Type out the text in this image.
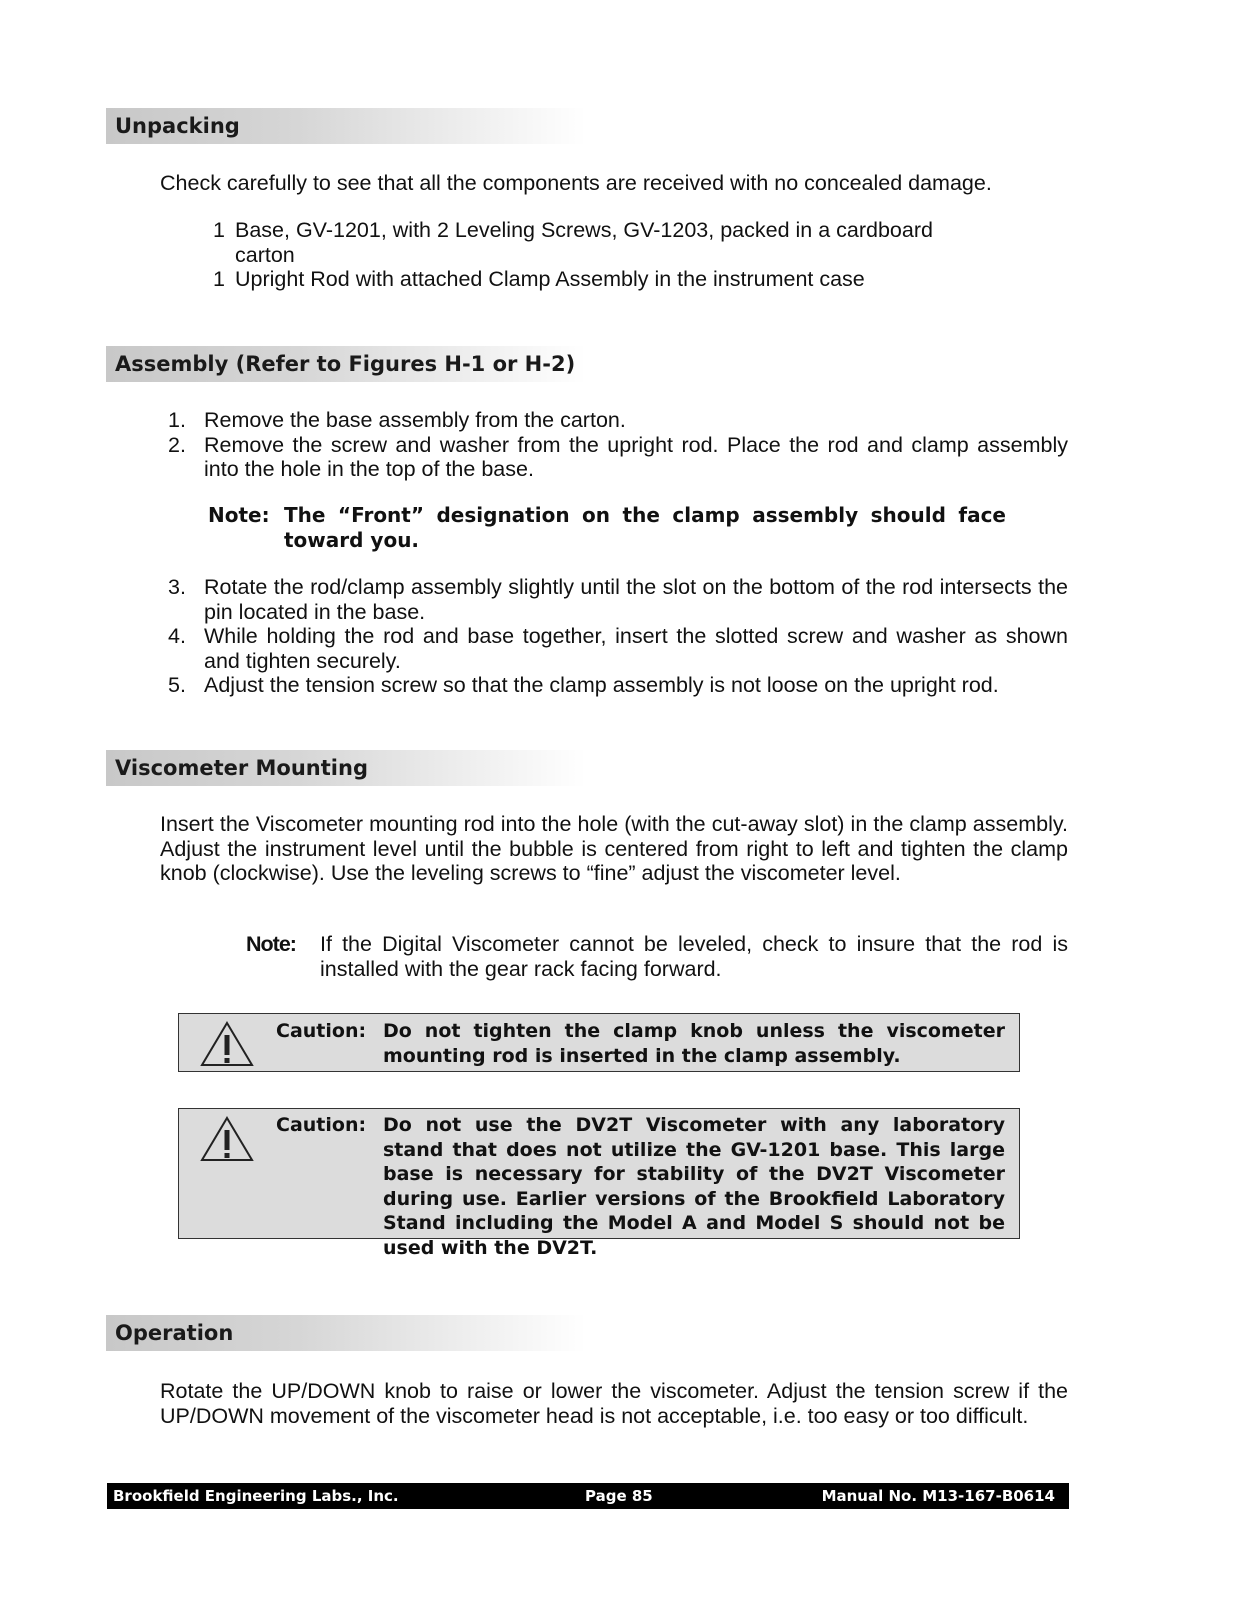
Unpacking

Check carefully to see that all the components are received with no concealed damage.

1 Base, GV-1201, with 2 Leveling Screws, GV-1203, packed in a cardboard carton
1 Upright Rod with attached Clamp Assembly in the instrument case
Assembly (Refer to Figures H-1 or H-2)
1. Remove the base assembly from the carton.
2. Remove the screw and washer from the upright rod. Place the rod and clamp assembly into the hole in the top of the base.
Note: The “Front” designation on the clamp assembly should face toward you.
3. Rotate the rod/clamp assembly slightly until the slot on the bottom of the rod intersects the pin located in the base.
4. While holding the rod and base together, insert the slotted screw and washer as shown and tighten securely.
5. Adjust the tension screw so that the clamp assembly is not loose on the upright rod.
Viscometer Mounting

Insert the Viscometer mounting rod into the hole (with the cut-away slot) in the clamp assembly. Adjust the instrument level until the bubble is centered from right to left and tighten the clamp knob (clockwise). Use the leveling screws to “fine” adjust the viscometer level.

Note: If the Digital Viscometer cannot be leveled, check to insure that the rod is installed with the gear rack facing forward.
Caution: Do not tighten the clamp knob unless the viscometer mounting rod is inserted in the clamp assembly.
Caution: Do not use the DV2T Viscometer with any laboratory stand that does not utilize the GV-1201 base. This large base is necessary for stability of the DV2T Viscometer during use. Earlier versions of the Brookfield Laboratory Stand including the Model A and Model S should not be used with the DV2T.
Operation

Rotate the UP/DOWN knob to raise or lower the viscometer. Adjust the tension screw if the UP/DOWN movement of the viscometer head is not acceptable, i.e. too easy or too difficult.

Brookfield Engineering Labs., Inc.	Page 85	Manual No. M13-167-B0614
